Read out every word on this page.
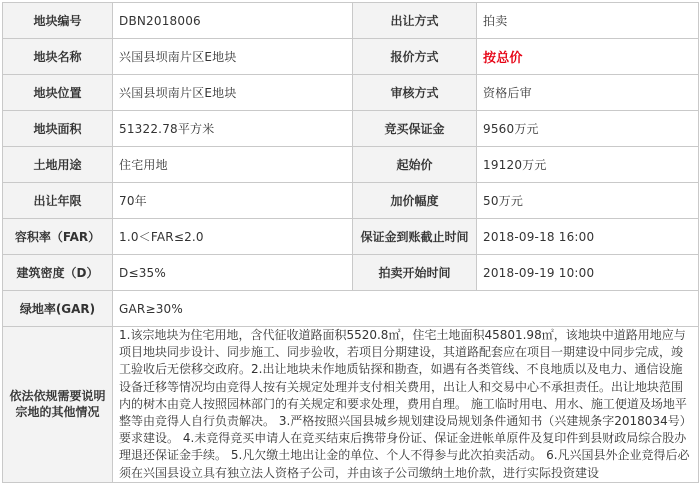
地块编号	DBN2018006	出让方式	拍卖
地块名称	兴国县坝南片区E地块	报价方式	按总价
地块位置	兴国县坝南片区E地块	审核方式	资格后审
地块面积	51322.78平方米	竞买保证金	9560万元
土地用途	住宅用地	起始价	19120万元
出让年限	70年	加价幅度	50万元
容积率（FAR）	1.0＜FAR≤2.0	保证金到账截止时间	2018-09-18 16:00
建筑密度（D）	D≤35%	拍卖开始时间	2018-09-19 10:00
绿地率(GAR)	GAR≥30%		
依法依规需要说明宗地的其他情况	1.该宗地块为住宅用地，含代征收道路面积5520.8㎡，住宅土地面积45801.98㎡，该地块中道路用地应与项目地块同步设计、同步施工、同步验收，若项目分期建设，其道路配套应在项目一期建设中同步完成，竣工验收后无偿移交政府。2.出让地块未作地质钻探和勘查，如遇有各类管线、不良地质以及电力、通信设施设备迁移等情况均由竞得人按有关规定处理并支付相关费用，出让人和交易中心不承担责任。出让地块范围内的树木由竞人按照园林部门的有关规定和要求处理，费用自理。 施工临时用电、用水、施工便道及场地平整等由竞得人自行负责解决。 3.严格按照兴国县城乡规划建设局规划条件通知书（兴建规条字2018034号）要求建设。 4.未竞得竞买申请人在竞买结束后携带身份证、保证金进帐单原件及复印件到县财政局综合股办理退还保证金手续。 5.凡欠缴土地出让金的单位、个人不得参与此次拍卖活动。 6.凡兴国县外企业竞得后必须在兴国县设立具有独立法人资格子公司，并由该子公司缴纳土地价款，进行实际投资建设		
